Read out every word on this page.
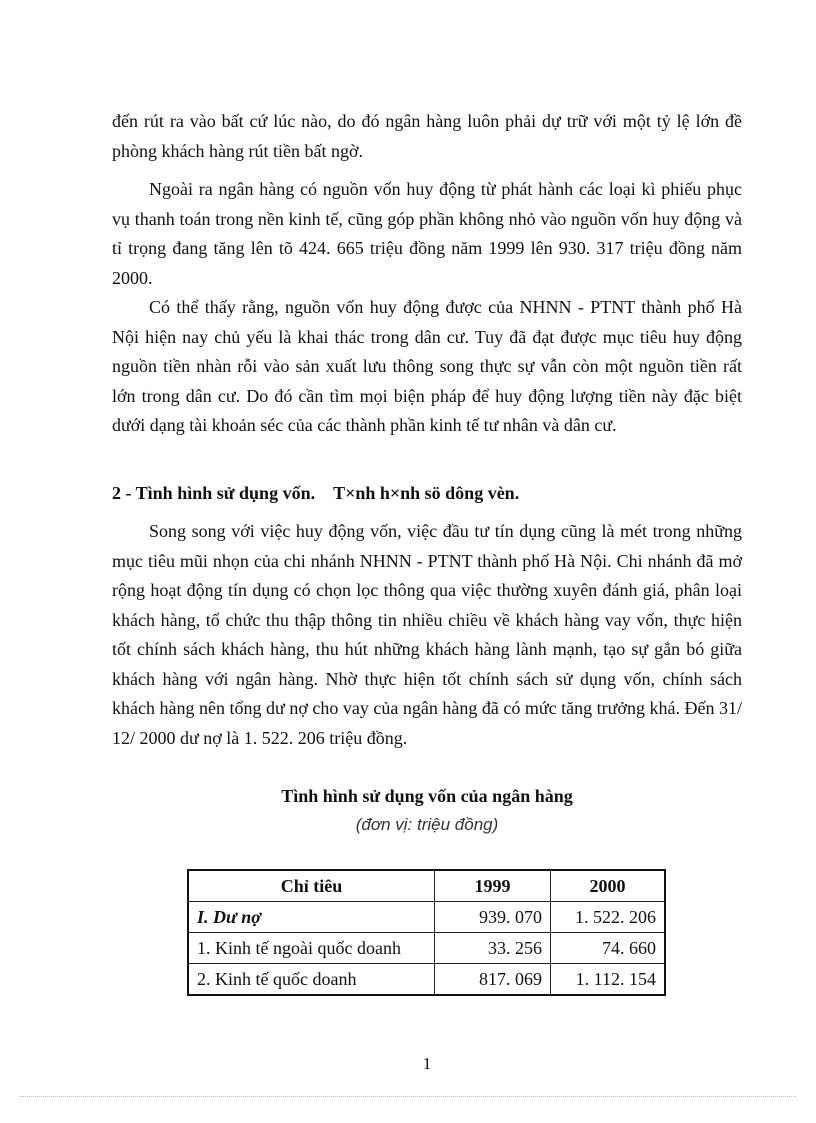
đến rút ra vào bất cứ lúc nào, do đó ngân hàng luôn phải dự trữ với một tỷ lệ lớn đề phòng khách hàng rút tiền bất ngờ.

Ngoài ra ngân hàng có nguồn vốn huy động từ phát hành các loại kì phiếu phục vụ thanh toán trong nền kinh tế, cũng góp phần không nhỏ vào nguồn vốn huy động và tỉ trọng đang tăng lên tõ 424. 665 triệu đồng năm 1999 lên 930. 317 triệu đồng năm 2000.

Có thể thấy rằng, nguồn vốn huy động được của NHNN - PTNT thành phố Hà Nội hiện nay chủ yếu là khai thác trong dân cư. Tuy đã đạt được mục tiêu huy động nguồn tiền nhàn rỗi vào sản xuất lưu thông song thực sự vẫn còn một nguồn tiền rất lớn trong dân cư. Do đó cần tìm mọi biện pháp để huy động lượng tiền này đặc biệt dưới dạng tài khoản séc của các thành phần kinh tế tư nhân và dân cư.

2 - Tình hình sử dụng vốn. T×nh h×nh sö dông vèn.

Song song với việc huy động vốn, việc đầu tư tín dụng cũng là mét trong những mục tiêu mũi nhọn của chi nhánh NHNN - PTNT thành phố Hà Nội. Chi nhánh đã mở rộng hoạt động tín dụng có chọn lọc thông qua việc thường xuyên đánh giá, phân loại khách hàng, tổ chức thu thập thông tin nhiều chiều về khách hàng vay vốn, thực hiện tốt chính sách khách hàng, thu hút những khách hàng lành mạnh, tạo sự gắn bó giữa khách hàng với ngân hàng. Nhờ thực hiện tốt chính sách sử dụng vốn, chính sách khách hàng nên tổng dư nợ cho vay của ngân hàng đã có mức tăng trưởng khá. Đến 31/ 12/ 2000 dư nợ là 1. 522. 206 triệu đồng.

Tình hình sử dụng vốn của ngân hàng
(đơn vị: triệu đồng)
Chỉ tiêu	1999	2000
I. Dư nợ	939. 070	1. 522. 206
1. Kinh tế ngoài quốc doanh	33. 256	74. 660
2. Kinh tế quốc doanh	817. 069	1. 112. 154
1
